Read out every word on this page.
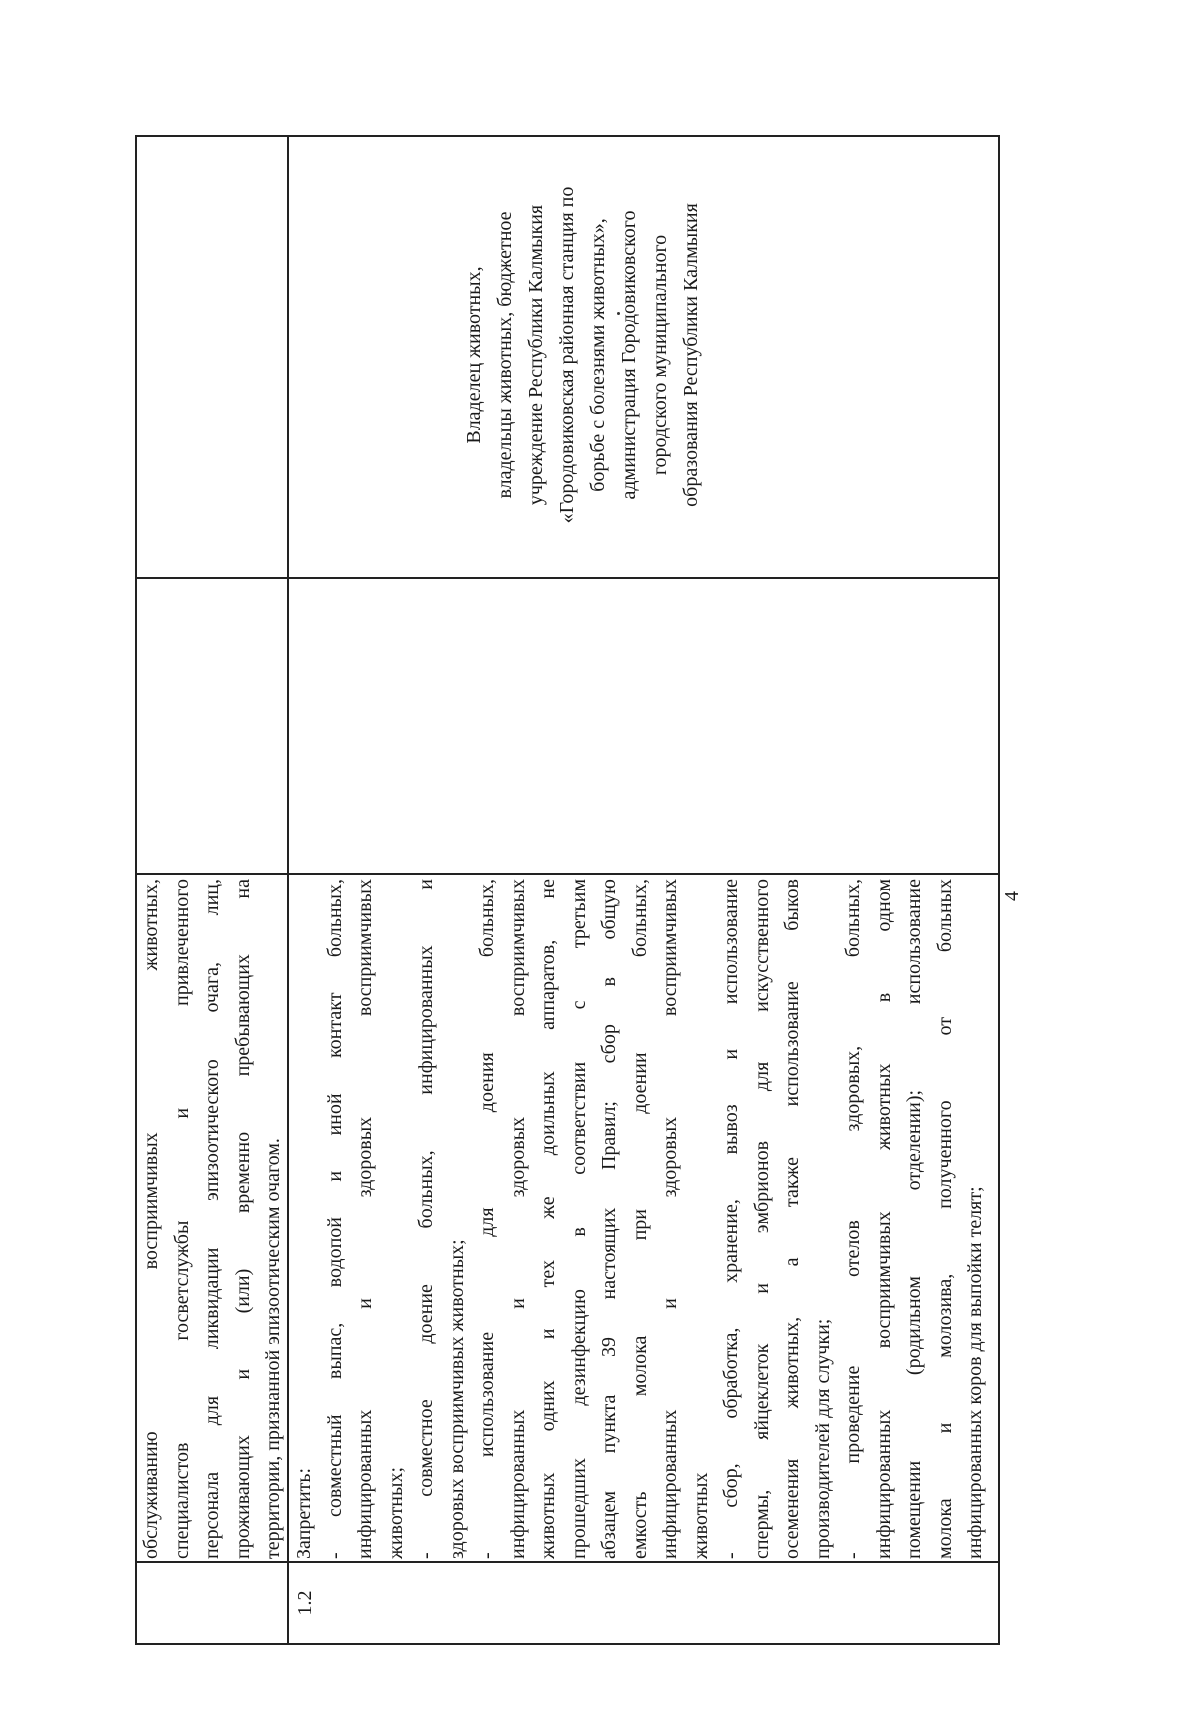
обслуживанию восприимчивых животных, специалистов госветслужбы и привлеченного персонала для ликвидации эпизоотического очага, лиц, проживающих и (или) временно пребывающих на территории, признанной эпизоотическим очагом.
1.2
Запретить: - совместный выпас, водопой и иной контакт больных, инфицированных и здоровых восприимчивых животных; - совместное доение больных, инфицированных и здоровых восприимчивых животных; - использование для доения больных, инфицированных и здоровых восприимчивых животных одних и тех же доильных аппаратов, не прошедших дезинфекцию в соответствии с третьим абзацем пункта 39 настоящих Правил; сбор в общую емкость молока при доении больных, инфицированных и здоровых восприимчивых животных - сбор, обработка, хранение, вывоз и использование спермы, яйцеклеток и эмбрионов для искусственного осеменения животных, а также использование быков производителей для случки; - проведение отелов здоровых, больных, инфицированных восприимчивых животных в одном помещении (родильном отделении); использование молока и молозива, полученного от больных инфицированных коров для выпойки телят;
Владелец животных, владельцы животных, бюджетное учреждение Республики Калмыкия «Городовиковская районная станция по борьбе с болезнями животных», администрация Городовиковского городского муниципального образования Республики Калмыкия
4
